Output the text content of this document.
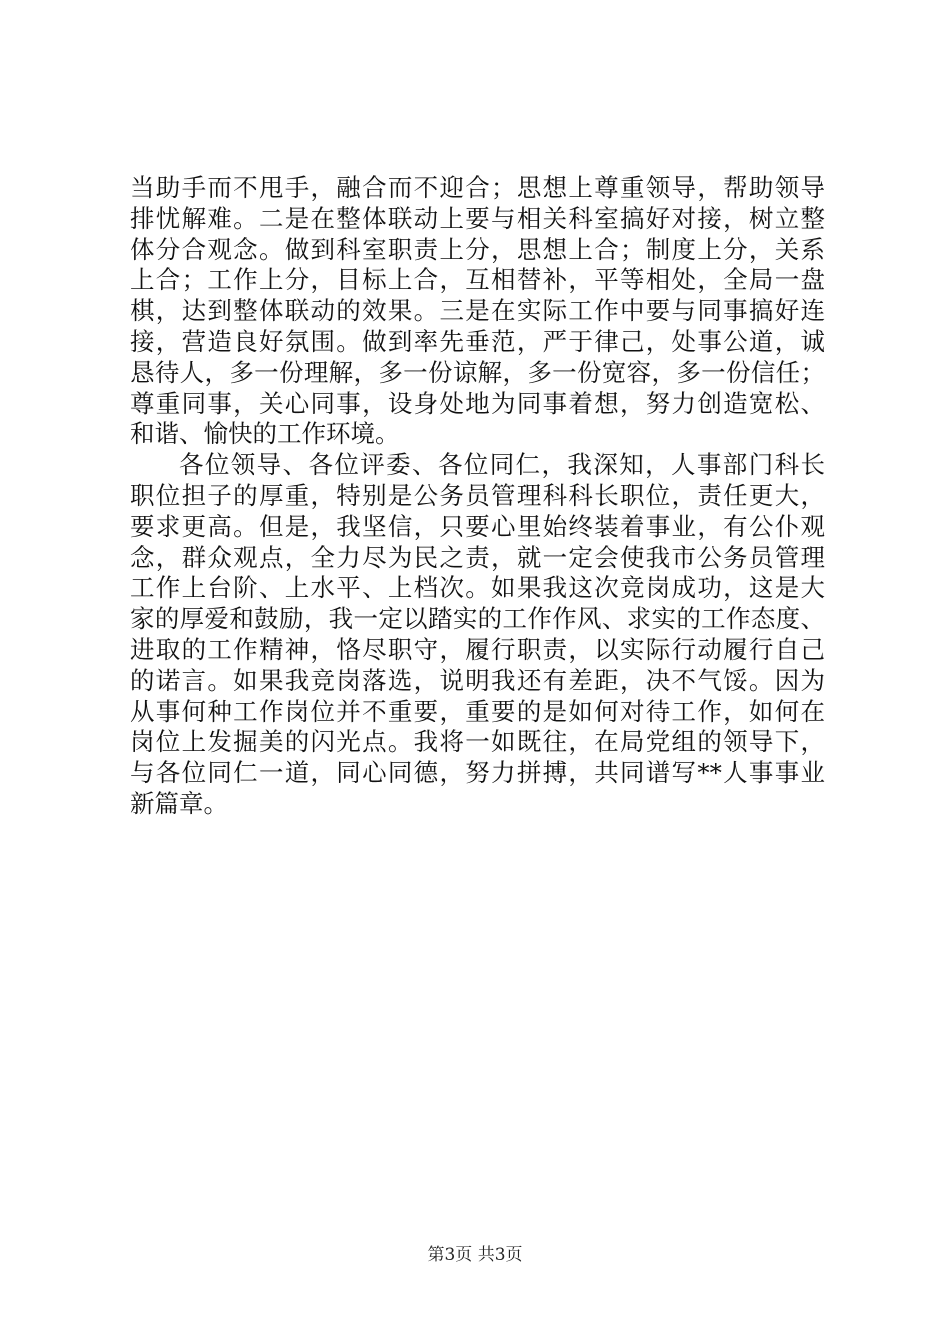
当助手而不甩手，融合而不迎合；思想上尊重领导，帮助领导
排忧解难。二是在整体联动上要与相关科室搞好对接，树立整
体分合观念。做到科室职责上分，思想上合；制度上分，关系
上合；工作上分，目标上合，互相替补，平等相处，全局一盘
棋，达到整体联动的效果。三是在实际工作中要与同事搞好连
接，营造良好氛围。做到率先垂范，严于律己，处事公道，诚
恳待人，多一份理解，多一份谅解，多一份宽容，多一份信任；
尊重同事，关心同事，设身处地为同事着想，努力创造宽松、
和谐、愉快的工作环境。
各位领导、各位评委、各位同仁，我深知，人事部门科长
职位担子的厚重，特别是公务员管理科科长职位，责任更大，
要求更高。但是，我坚信，只要心里始终装着事业，有公仆观
念，群众观点，全力尽为民之责，就一定会使我市公务员管理
工作上台阶、上水平、上档次。如果我这次竞岗成功，这是大
家的厚爱和鼓励，我一定以踏实的工作作风、求实的工作态度、
进取的工作精神，恪尽职守，履行职责，以实际行动履行自己
的诺言。如果我竞岗落选，说明我还有差距，决不气馁。因为
从事何种工作岗位并不重要，重要的是如何对待工作，如何在
岗位上发掘美的闪光点。我将一如既往，在局党组的领导下，
与各位同仁一道，同心同德，努力拼搏，共同谱写**人事事业
新篇章。
第3页 共3页
